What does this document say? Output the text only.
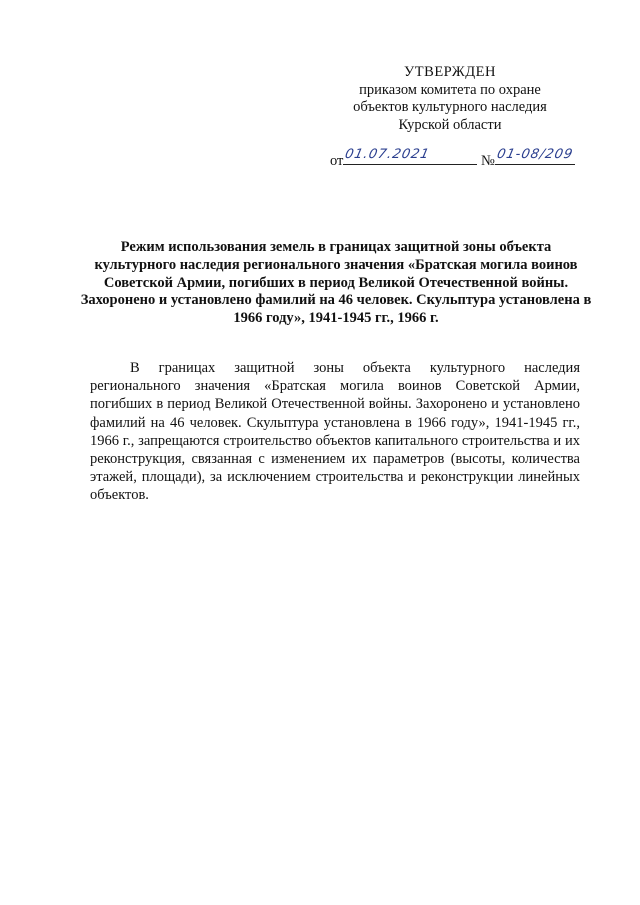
УТВЕРЖДЕН
приказом комитета по охране
объектов культурного наследия
Курской области
от 01.07.2021	№ 01-08/209
Режим использования земель в границах защитной зоны объекта культурного наследия регионального значения «Братская могила воинов Советской Армии, погибших в период Великой Отечественной войны. Захоронено и установлено фамилий на 46 человек. Скульптура установлена в 1966 году», 1941-1945 гг., 1966 г.
В границах защитной зоны объекта культурного наследия регионального значения «Братская могила воинов Советской Армии, погибших в период Великой Отечественной войны. Захоронено и установлено фамилий на 46 человек. Скульптура установлена в 1966 году», 1941-1945 гг., 1966 г., запрещаются строительство объектов капитального строительства и их реконструкция, связанная с изменением их параметров (высоты, количества этажей, площади), за исключением строительства и реконструкции линейных объектов.
